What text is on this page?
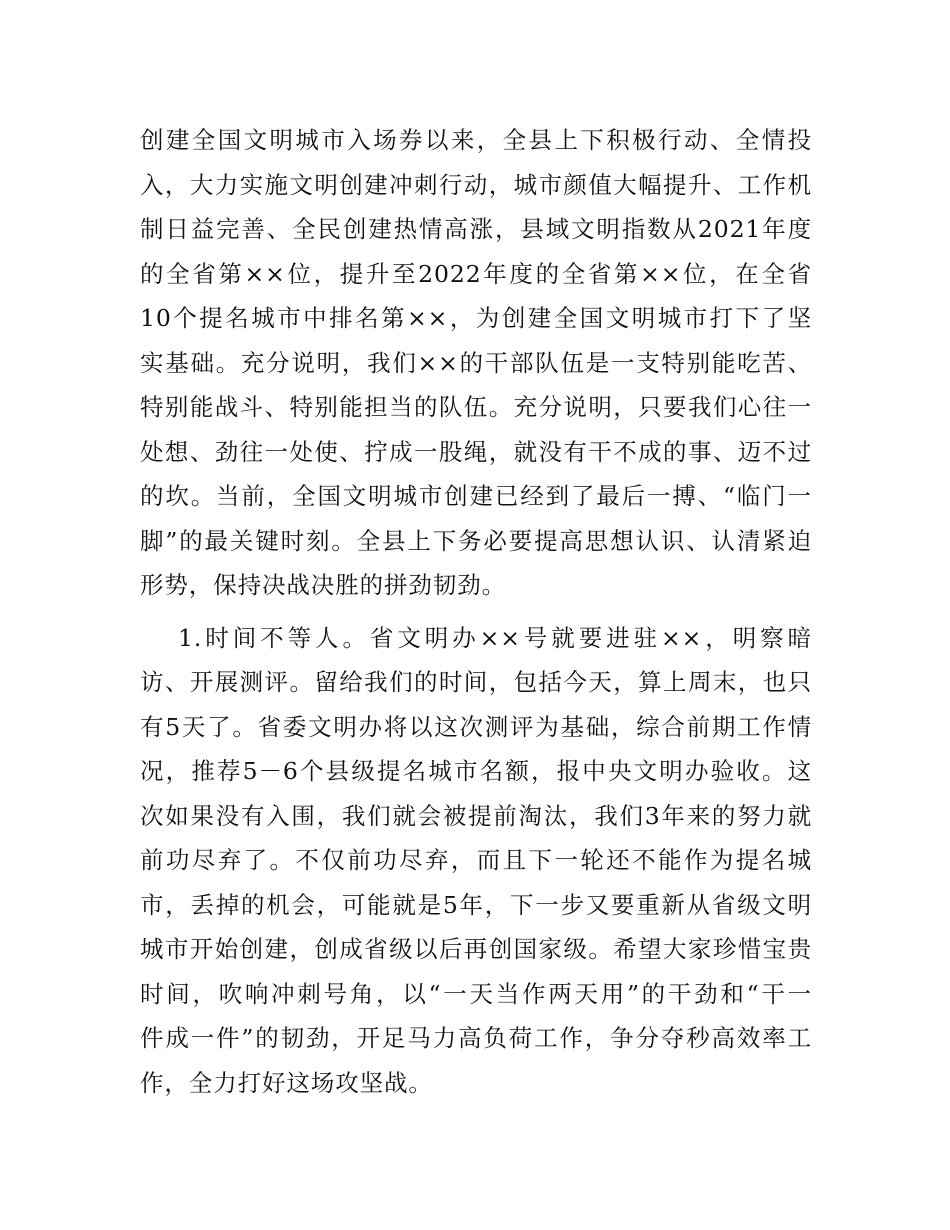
创建全国文明城市入场券以来，全县上下积极行动、全情投
入，大力实施文明创建冲刺行动，城市颜值大幅提升、工作机
制日益完善、全民创建热情高涨，县域文明指数从2021年度
的全省第××位，提升至2022年度的全省第××位，在全省
10个提名城市中排名第××，为创建全国文明城市打下了坚
实基础。充分说明，我们××的干部队伍是一支特别能吃苦、
特别能战斗、特别能担当的队伍。充分说明，只要我们心往一
处想、劲往一处使、拧成一股绳，就没有干不成的事、迈不过
的坎。当前，全国文明城市创建已经到了最后一搏、“临门一
脚”的最关键时刻。全县上下务必要提高思想认识、认清紧迫
形势，保持决战决胜的拼劲韧劲。

1.时间不等人。省文明办××号就要进驻××，明察暗
访、开展测评。留给我们的时间，包括今天，算上周末，也只
有5天了。省委文明办将以这次测评为基础，综合前期工作情
况，推荐5－6个县级提名城市名额，报中央文明办验收。这
次如果没有入围，我们就会被提前淘汰，我们3年来的努力就
前功尽弃了。不仅前功尽弃，而且下一轮还不能作为提名城
市，丢掉的机会，可能就是5年，下一步又要重新从省级文明
城市开始创建，创成省级以后再创国家级。希望大家珍惜宝贵
时间，吹响冲刺号角，以“一天当作两天用”的干劲和“干一
件成一件”的韧劲，开足马力高负荷工作，争分夺秒高效率工
作，全力打好这场攻坚战。
